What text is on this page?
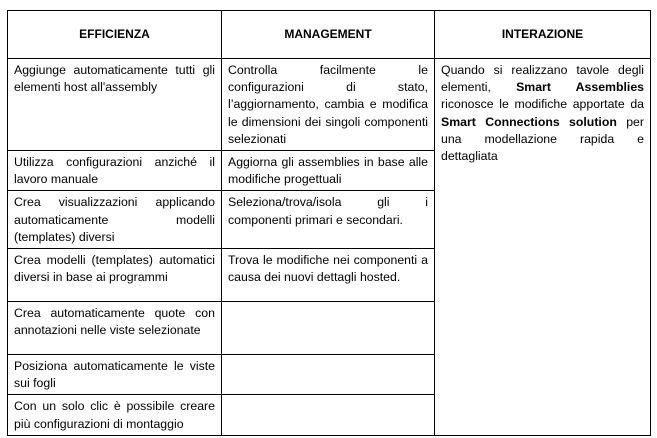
EFFICIENZA	MANAGEMENT	INTERAZIONE
Aggiunge automaticamente tutti gli elementi host all'assembly	Controlla facilmente le configurazioni di stato, l’aggiornamento, cambia e modifica le dimensioni dei singoli componenti selezionati	Quando si realizzano tavole degli elementi, Smart Assemblies riconosce le modifiche apportate da Smart Connections solution per una modellazione rapida e dettagliata
Utilizza configurazioni anziché il lavoro manuale	Aggiorna gli assemblies in base alle modifiche progettuali	
Crea visualizzazioni applicando automaticamente modelli (templates) diversi	Seleziona/trova/isola gli i componenti primari e secondari.	
Crea modelli (templates) automatici diversi in base ai programmi	Trova le modifiche nei componenti a causa dei nuovi dettagli hosted.	
Crea automaticamente quote con annotazioni nelle viste selezionate		
Posiziona automaticamente le viste sui fogli		
Con un solo clic è possibile creare più configurazioni di montaggio		
